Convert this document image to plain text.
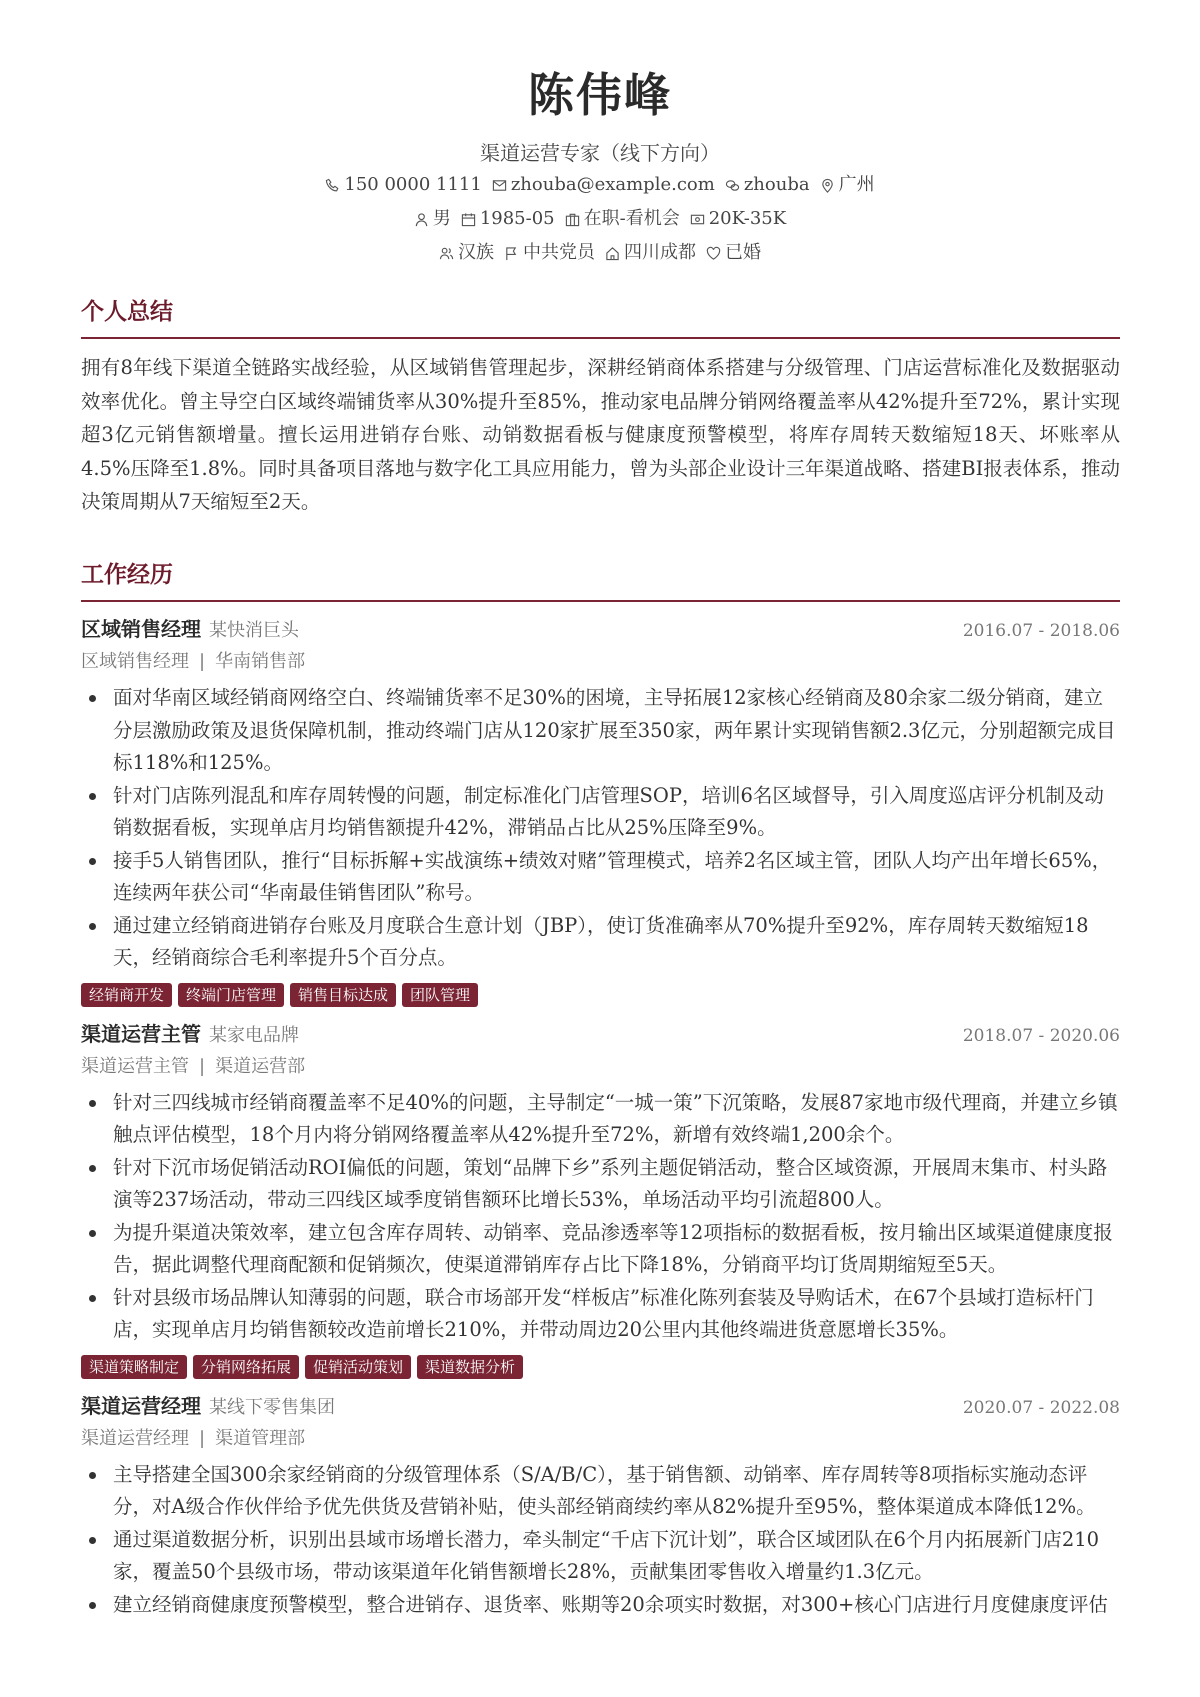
陈伟峰
渠道运营专家（线下方向）
150 0000 1111 zhouba@example.com zhouba 广州
男 1985-05 在职-看机会 20K-35K
汉族 中共党员 四川成都 已婚
个人总结
拥有8年线下渠道全链路实战经验，从区域销售管理起步，深耕经销商体系搭建与分级管理、门店运营标准化及数据驱动效率优化。曾主导空白区域终端铺货率从30%提升至85%，推动家电品牌分销网络覆盖率从42%提升至72%，累计实现超3亿元销售额增量。擅长运用进销存台账、动销数据看板与健康度预警模型，将库存周转天数缩短18天、坏账率从4.5%压降至1.8%。同时具备项目落地与数字化工具应用能力，曾为头部企业设计三年渠道战略、搭建BI报表体系，推动决策周期从7天缩短至2天。
工作经历
区域销售经理 某快消巨头	2016.07 - 2018.06
区域销售经理 | 华南销售部
面对华南区域经销商网络空白、终端铺货率不足30%的困境，主导拓展12家核心经销商及80余家二级分销商，建立分层激励政策及退货保障机制，推动终端门店从120家扩展至350家，两年累计实现销售额2.3亿元，分别超额完成目标118%和125%。
针对门店陈列混乱和库存周转慢的问题，制定标准化门店管理SOP，培训6名区域督导，引入周度巡店评分机制及动销数据看板，实现单店月均销售额提升42%，滞销品占比从25%压降至9%。
接手5人销售团队，推行“目标拆解+实战演练+绩效对赌”管理模式，培养2名区域主管，团队人均产出年增长65%，连续两年获公司“华南最佳销售团队”称号。
通过建立经销商进销存台账及月度联合生意计划（JBP），使订货准确率从70%提升至92%，库存周转天数缩短18天，经销商综合毛利率提升5个百分点。
经销商开发	终端门店管理	销售目标达成	团队管理
渠道运营主管 某家电品牌	2018.07 - 2020.06
渠道运营主管 | 渠道运营部
针对三四线城市经销商覆盖率不足40%的问题，主导制定“一城一策”下沉策略，发展87家地市级代理商，并建立乡镇触点评估模型，18个月内将分销网络覆盖率从42%提升至72%，新增有效终端1,200余个。
针对下沉市场促销活动ROI偏低的问题，策划“品牌下乡”系列主题促销活动，整合区域资源，开展周末集市、村头路演等237场活动，带动三四线区域季度销售额环比增长53%，单场活动平均引流超800人。
为提升渠道决策效率，建立包含库存周转、动销率、竞品渗透率等12项指标的数据看板，按月输出区域渠道健康度报告，据此调整代理商配额和促销频次，使渠道滞销库存占比下降18%，分销商平均订货周期缩短至5天。
针对县级市场品牌认知薄弱的问题，联合市场部开发“样板店”标准化陈列套装及导购话术，在67个县域打造标杆门店，实现单店月均销售额较改造前增长210%，并带动周边20公里内其他终端进货意愿增长35%。
渠道策略制定	分销网络拓展	促销活动策划	渠道数据分析
渠道运营经理 某线下零售集团	2020.07 - 2022.08
渠道运营经理 | 渠道管理部
主导搭建全国300余家经销商的分级管理体系（S/A/B/C），基于销售额、动销率、库存周转等8项指标实施动态评分，对A级合作伙伴给予优先供货及营销补贴，使头部经销商续约率从82%提升至95%，整体渠道成本降低12%。
通过渠道数据分析，识别出县域市场增长潜力，牵头制定“千店下沉计划”，联合区域团队在6个月内拓展新门店210家，覆盖50个县级市场，带动该渠道年化销售额增长28%，贡献集团零售收入增量约1.3亿元。
建立经销商健康度预警模型，整合进销存、退货率、账期等20余项实时数据，对300+核心门店进行月度健康度评估
